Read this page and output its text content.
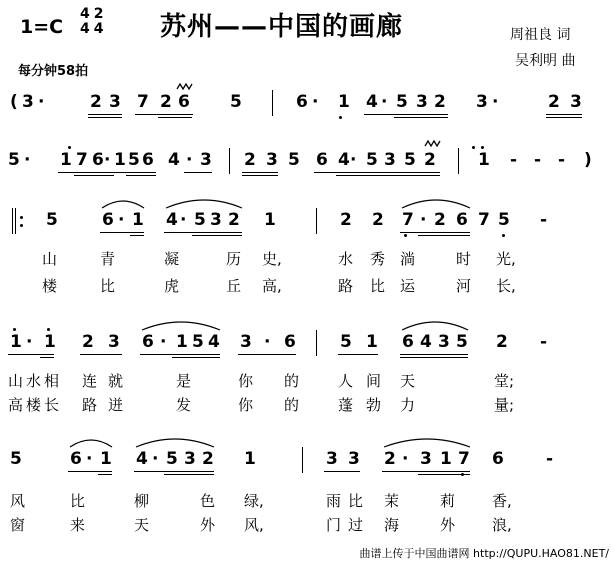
1=C
4
42
4	苏州——中国的画廊	周祖良 词
吴利明 曲
每分钟58拍
( 3 ·	2 3 7 2 6 5	6 · 1 4 · 5 3 2 3 ·	2 3
5 · 1 7 6 · 1 5 6 4 · 3 2 3 5 6 4 · 5 3 5 2 1 - - - )
5	6 · 1 4 · 5 3 2 1	2 2 7 · 2 6 7 5 -
山	青	凝	历 史,	水 秀 淌	时 光,
楼	比	虎	丘 高,	路 比 运	河 长,
1 · 1 2 3 6 · 1 5 4 3 · 6	5 1 6 4 3 5 2 -
山 水 相 连 就	是	你 的	人 间 天	堂;
高 楼 长 路 迸	发	你 的	蓬 勃 力	量;
5	6 · 1 4 · 5 3 2 1	3 3 2 · 3 1 7 6 -
风	比	柳	色 绿,	雨 比 茉	莉 香,
窗	来	天	外 风,	门 过 海	外 浪,
曲谱上传于中国曲谱网 http://QUPU.HAO81.NET/
